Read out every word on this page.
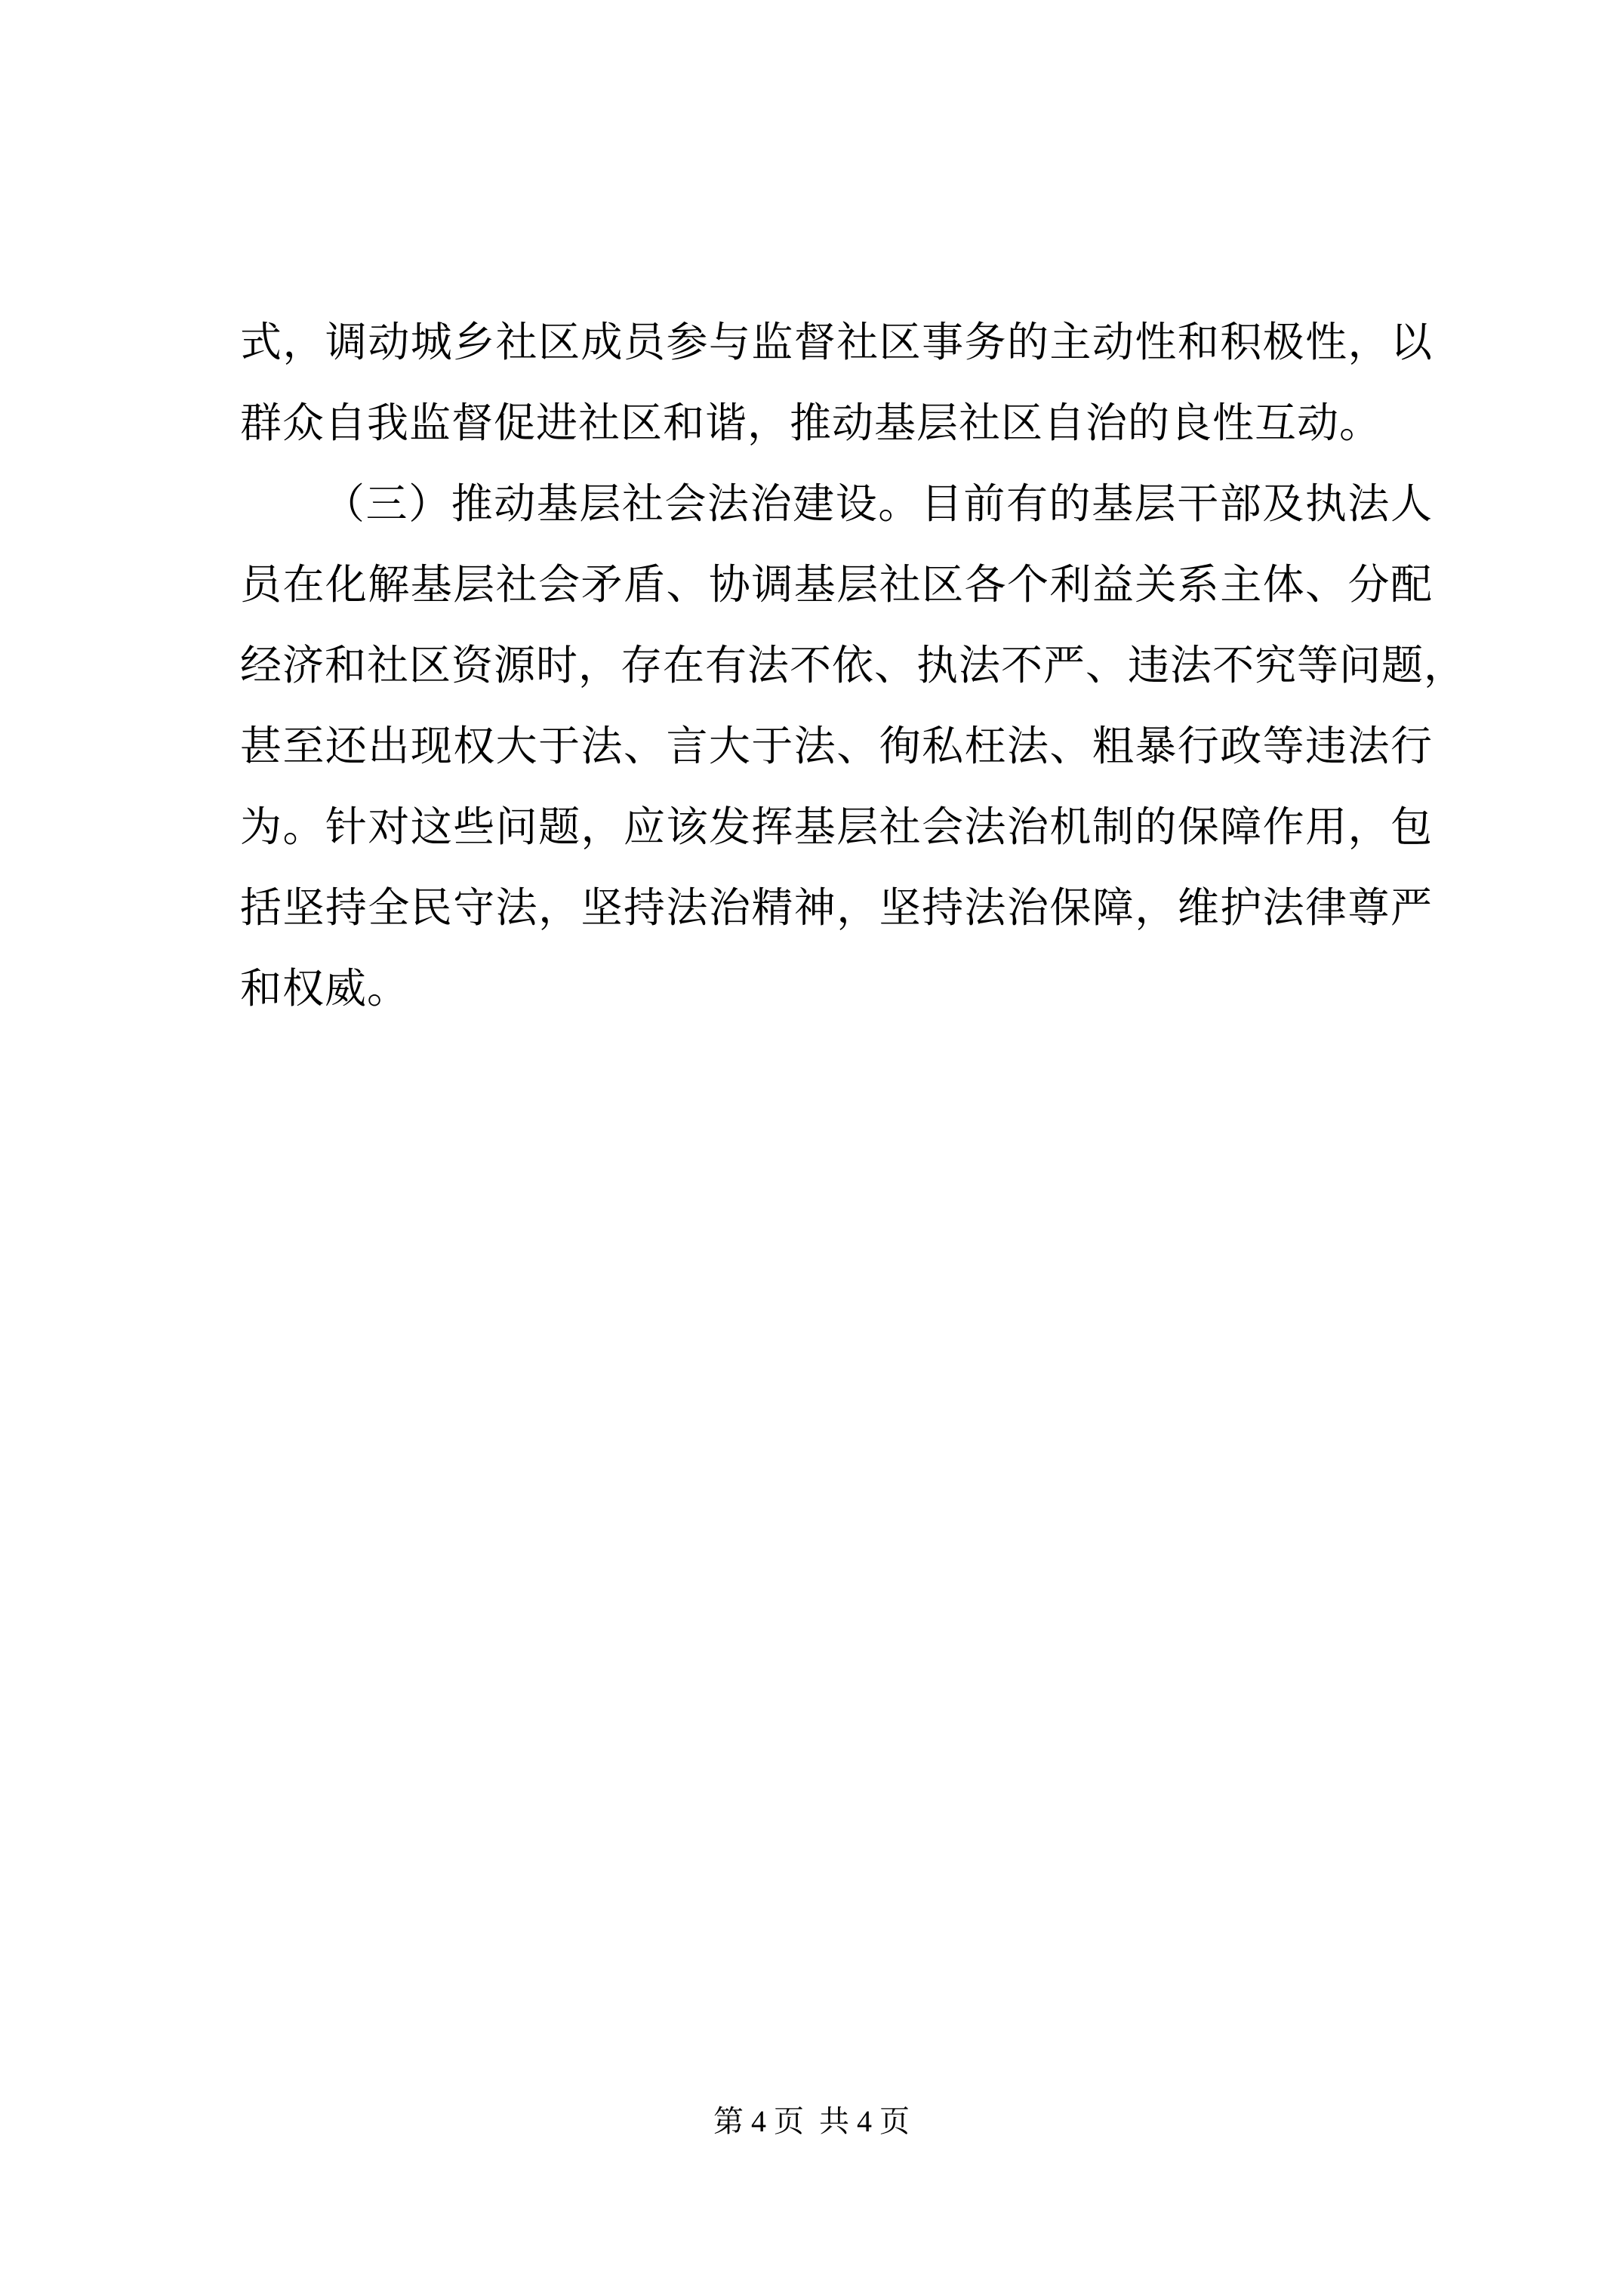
式，调动城乡社区成员参与监督社区事务的主动性和积极性，以
群众自我监督促进社区和谐，推动基层社区自治的良性互动。
（三）推动基层社会法治建设。目前有的基层干部及执法人
员在化解基层社会矛盾、协调基层社区各个利益关系主体、分配
经济和社区资源时，存在有法不依、执法不严、违法不究等问题，
甚至还出现权大于法、言大于法、徇私枉法、粗暴行政等违法行
为。针对这些问题，应该发挥基层社会法治机制的保障作用，包
括坚持全民守法，坚持法治精神，坚持法治保障，维护法律尊严
和权威。
第 4 页  共 4 页
